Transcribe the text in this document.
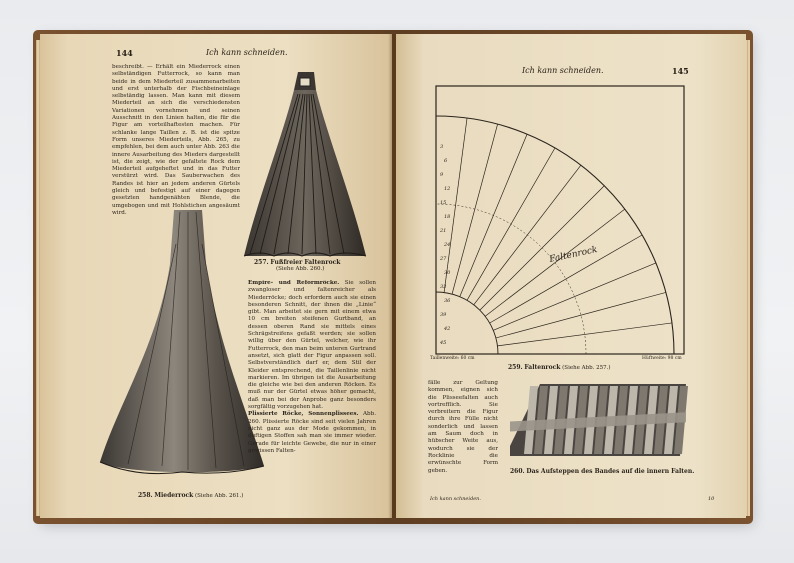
144	Ich kann schneiden.
beschreibt. — Erhält ein Miederrock einen selbständigen Futterrock, so kann man beide in dem Miederteil zusammenarbeiten und erst unterhalb der Fischbeineinlage selbständig lassen. Man kann mit diesem Miederteil an sich die verschiedensten Variationen vornehmen und seinen Ausschnitt in den Linien halten, die für die Figur am vorteilhaftesten machen. Für schlanke lange Taillen z. B. ist die spitze Form unseres Miederteils, Abb. 265, zu empfehlen, bei dem auch unter Abb. 263 die innere Ausarbeitung des Mieders dargestellt ist, die zeigt, wie der gefaltete Rock dem Miederteil aufgeheftet und in das Futter verstürzt wird. Das Sauberwachen des Randes ist hier an jedem anderen Gürtels gleich und befestigt auf einer dagegen gesetzten handgenähten Blende, die umgebogen und mit Hohlstichen angesäumt wird.
257. Fußfreier Faltenrock
(Siehe Abb. 260.)
258. Miederrock (Siehe Abb. 261.)
Empire- und Reformröcke. Sie sollen zwangloser und faltenreicher als Miederröcke; doch erfordern auch sie einen besonderen Schnitt, der ihnen die „Linie“ gibt. Man arbeitet sie gern mit einem etwa 10 cm breiten steifenen Gurtband, an dessen oberen Rand sie mittels eines Schrägstreifens gefaßt werden; sie sollen willig über den Gürtel, welcher, wie ihr Futterrock, den man beim unteren Gurtrand ansetzt, sich glatt der Figur anpassen soll. Selbstverständlich darf er, dem Stil der Kleider entsprechend, die Taillenlinie nicht markieren. Im übrigen ist die Ausarbeitung die gleiche wie bei den anderen Röcken. Es muß nur der Gürtel etwas höher gemacht, daß man bei der Anprobe ganz besonders sorgfältig vorzugehen hat.
Plissierte Röcke, Sonnenplissees. Abb. 260. Plissierte Röcke sind seit vielen Jahren nicht ganz aus der Mode gekommen, in duftigen Stoffen sah man sie immer wieder. Gerade für leichte Gewebe, die nur in einer gewissen Falten-
Ich kann schneiden.	145
45
42
39
36
33
30
27
24
21
18
15
12
9
6
3
Faltenrock
Taillenweite: 60 cm	Hüftweite: 98 cm
259. Faltenrock (Siehe Abb. 257.)
fälle zur Geltung kommen, eignen sich die Plisseefalten auch vortrefflich. Sie verbreitern die Figur durch ihre Fülle nicht sonderlich und lassen am Saum doch in hübscher Weite aus, wodurch sie der Rocklinie die erwünschte Form geben.	260. Das Aufsteppen des Bandes auf die innern Falten.
Ich kann schneiden.	10
